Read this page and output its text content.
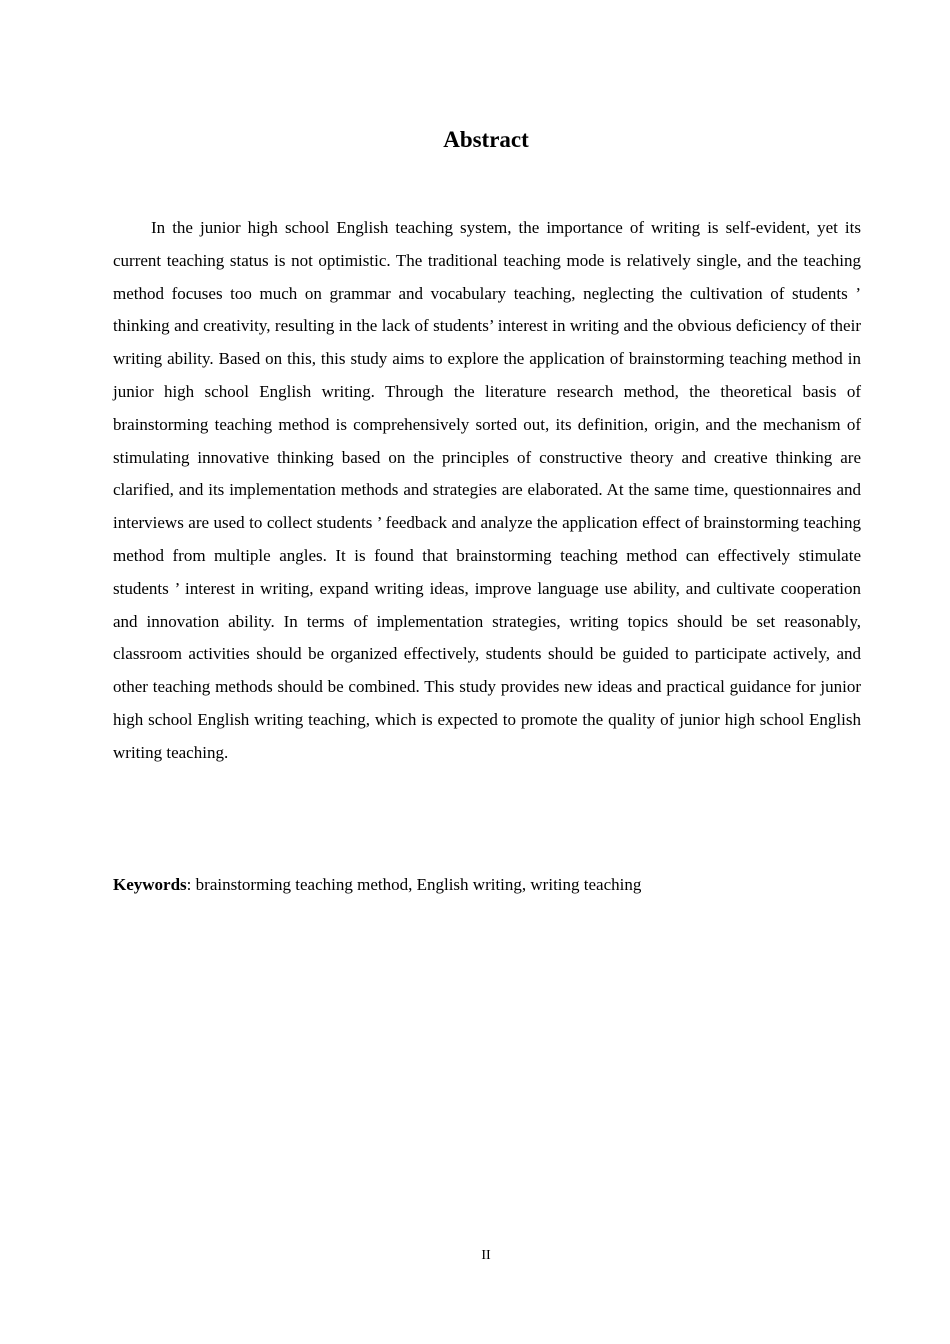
Abstract

In the junior high school English teaching system, the importance of writing is self-evident, yet its current teaching status is not optimistic. The traditional teaching mode is relatively single, and the teaching method focuses too much on grammar and vocabulary teaching, neglecting the cultivation of students ’ thinking and creativity, resulting in the lack of students’ interest in writing and the obvious deficiency of their writing ability. Based on this, this study aims to explore the application of brainstorming teaching method in junior high school English writing. Through the literature research method, the theoretical basis of brainstorming teaching method is comprehensively sorted out, its definition, origin, and the mechanism of stimulating innovative thinking based on the principles of constructive theory and creative thinking are clarified, and its implementation methods and strategies are elaborated. At the same time, questionnaires and interviews are used to collect students ’ feedback and analyze the application effect of brainstorming teaching method from multiple angles. It is found that brainstorming teaching method can effectively stimulate students ’ interest in writing, expand writing ideas, improve language use ability, and cultivate cooperation and innovation ability. In terms of implementation strategies, writing topics should be set reasonably, classroom activities should be organized effectively, students should be guided to participate actively, and other teaching methods should be combined. This study provides new ideas and practical guidance for junior high school English writing teaching, which is expected to promote the quality of junior high school English writing teaching.

Keywords: brainstorming teaching method, English writing, writing teaching

II
